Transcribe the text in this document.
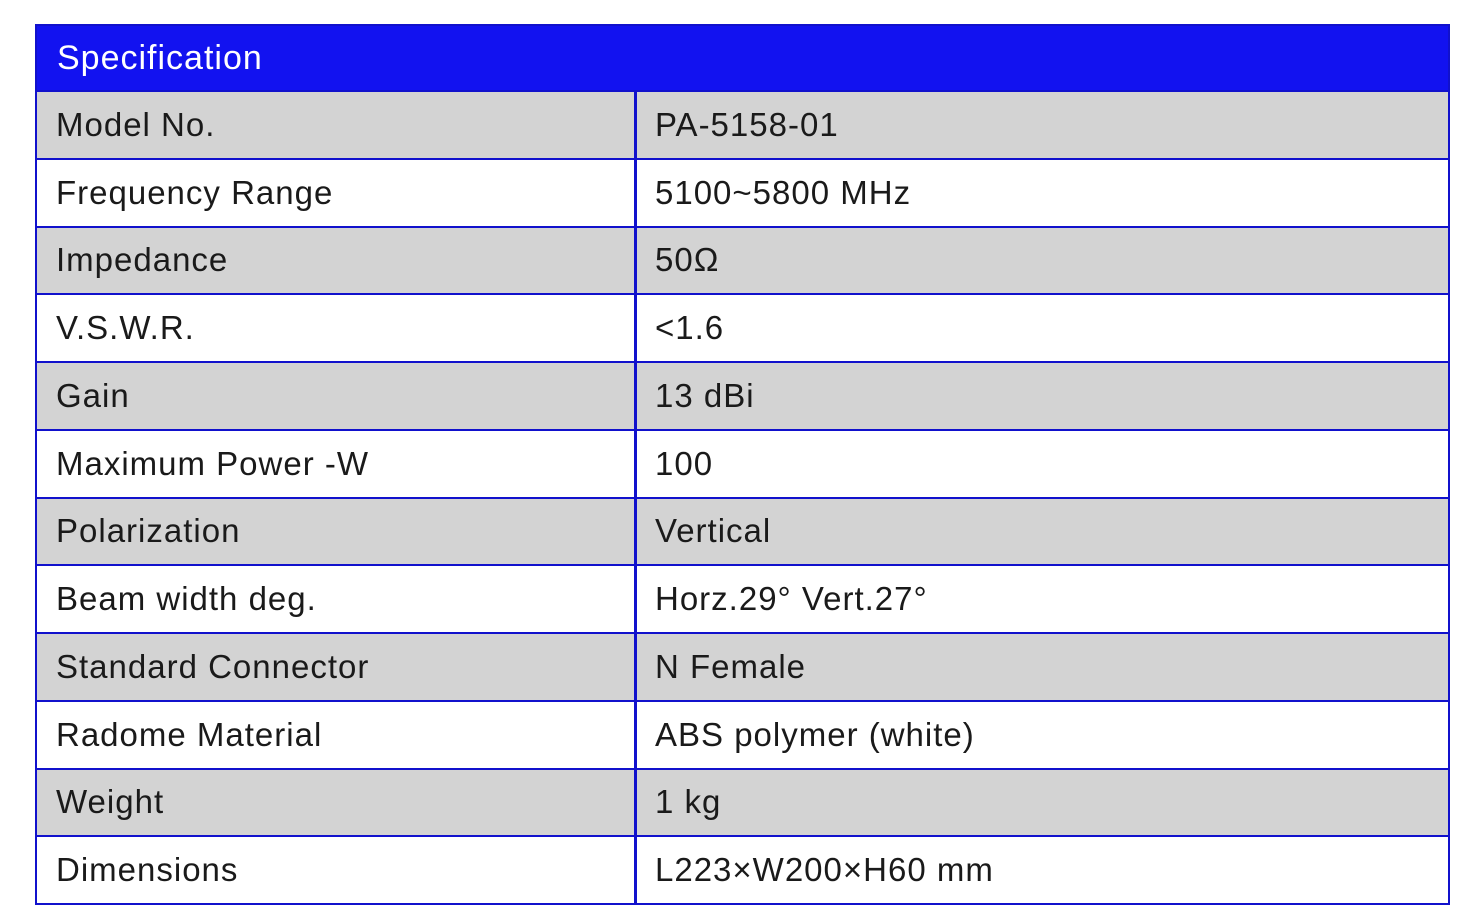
Specification
Model No.	PA-5158-01
Frequency Range	5100~5800 MHz
Impedance	50Ω
V.S.W.R.	<1.6
Gain	13 dBi
Maximum Power -W	100
Polarization	Vertical
Beam width deg.	Horz.29° Vert.27°
Standard Connector	N Female
Radome Material	ABS polymer (white)
Weight	1 kg
Dimensions	L223×W200×H60 mm
